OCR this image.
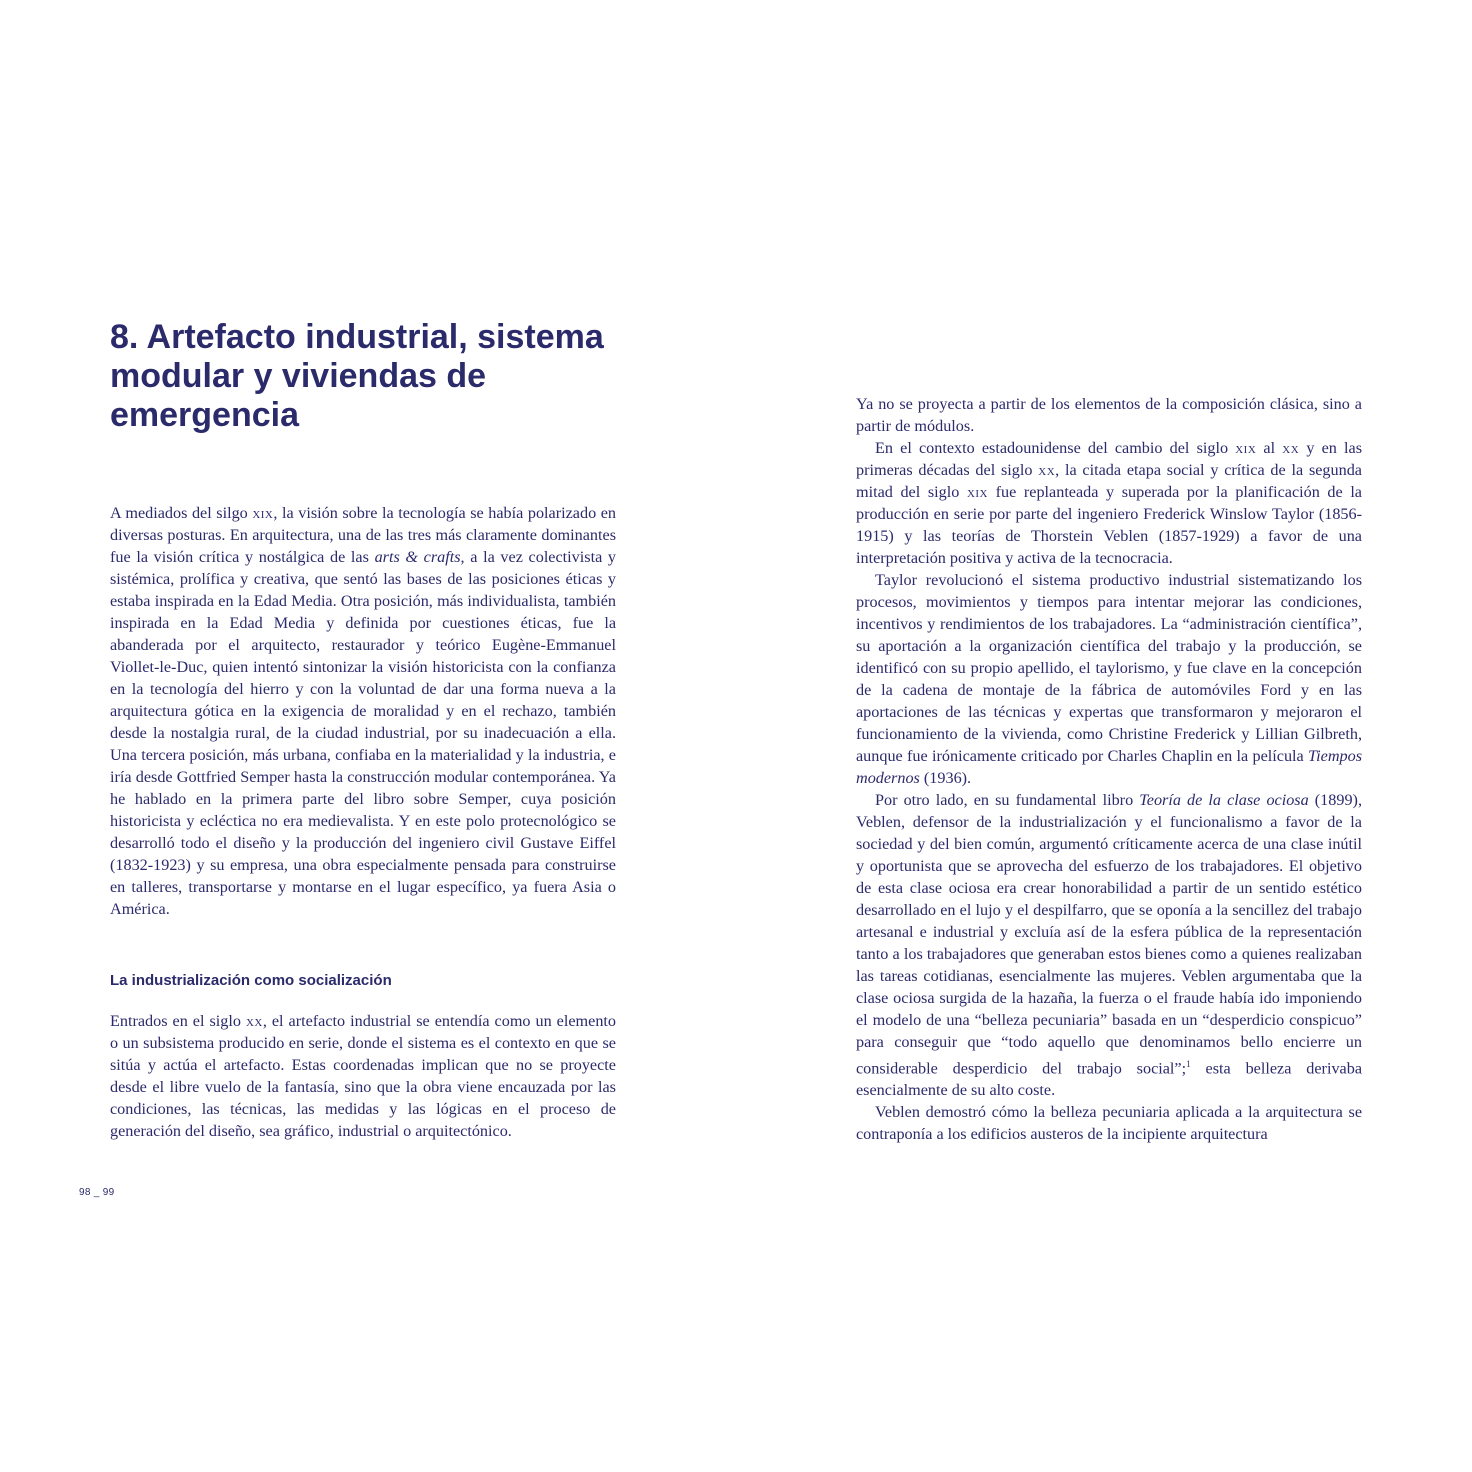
8. Artefacto industrial, sistema modular y viviendas de emergencia

A mediados del silgo xix, la visión sobre la tecnología se había polarizado en diversas posturas. En arquitectura, una de las tres más claramente dominantes fue la visión crítica y nostálgica de las arts & crafts, a la vez colectivista y sistémica, prolífica y creativa, que sentó las bases de las posiciones éticas y estaba inspirada en la Edad Media. Otra posición, más individualista, también inspirada en la Edad Media y definida por cuestiones éticas, fue la abanderada por el arquitecto, restaurador y teórico Eugène-Emmanuel Viollet-le-Duc, quien intentó sintonizar la visión historicista con la confianza en la tecnología del hierro y con la voluntad de dar una forma nueva a la arquitectura gótica en la exigencia de moralidad y en el rechazo, también desde la nostalgia rural, de la ciudad industrial, por su inadecuación a ella. Una tercera posición, más urbana, confiaba en la materialidad y la industria, e iría desde Gottfried Semper hasta la construcción modular contemporánea. Ya he hablado en la primera parte del libro sobre Semper, cuya posición historicista y ecléctica no era medievalista. Y en este polo protecnológico se desarrolló todo el diseño y la producción del ingeniero civil Gustave Eiffel (1832-1923) y su empresa, una obra especialmente pensada para construirse en talleres, transportarse y montarse en el lugar específico, ya fuera Asia o América.

La industrialización como socialización

Entrados en el siglo xx, el artefacto industrial se entendía como un elemento o un subsistema producido en serie, donde el sistema es el contexto en que se sitúa y actúa el artefacto. Estas coordenadas implican que no se proyecte desde el libre vuelo de la fantasía, sino que la obra viene encauzada por las condiciones, las técnicas, las medidas y las lógicas en el proceso de generación del diseño, sea gráfico, industrial o arquitectónico.

98 _ 99

Ya no se proyecta a partir de los elementos de la composición clásica, sino a partir de módulos.

En el contexto estadounidense del cambio del siglo xix al xx y en las primeras décadas del siglo xx, la citada etapa social y crítica de la segunda mitad del siglo xix fue replanteada y superada por la planificación de la producción en serie por parte del ingeniero Frederick Winslow Taylor (1856-1915) y las teorías de Thorstein Veblen (1857-1929) a favor de una interpretación positiva y activa de la tecnocracia.

Taylor revolucionó el sistema productivo industrial sistematizando los procesos, movimientos y tiempos para intentar mejorar las condiciones, incentivos y rendimientos de los trabajadores. La “administración científica”, su aportación a la organización científica del trabajo y la producción, se identificó con su propio apellido, el taylorismo, y fue clave en la concepción de la cadena de montaje de la fábrica de automóviles Ford y en las aportaciones de las técnicas y expertas que transformaron y mejoraron el funcionamiento de la vivienda, como Christine Frederick y Lillian Gilbreth, aunque fue irónicamente criticado por Charles Chaplin en la película Tiempos modernos (1936).

Por otro lado, en su fundamental libro Teoría de la clase ociosa (1899), Veblen, defensor de la industrialización y el funcionalismo a favor de la sociedad y del bien común, argumentó críticamente acerca de una clase inútil y oportunista que se aprovecha del esfuerzo de los trabajadores. El objetivo de esta clase ociosa era crear honorabilidad a partir de un sentido estético desarrollado en el lujo y el despilfarro, que se oponía a la sencillez del trabajo artesanal e industrial y excluía así de la esfera pública de la representación tanto a los trabajadores que generaban estos bienes como a quienes realizaban las tareas cotidianas, esencialmente las mujeres. Veblen argumentaba que la clase ociosa surgida de la hazaña, la fuerza o el fraude había ido imponiendo el modelo de una “belleza pecuniaria” basada en un “desperdicio conspicuo” para conseguir que “todo aquello que denominamos bello encierre un considerable desperdicio del trabajo social”;$^1$ esta belleza derivaba esencialmente de su alto coste.

Veblen demostró cómo la belleza pecuniaria aplicada a la arquitectura se contraponía a los edificios austeros de la incipiente arquitectura
